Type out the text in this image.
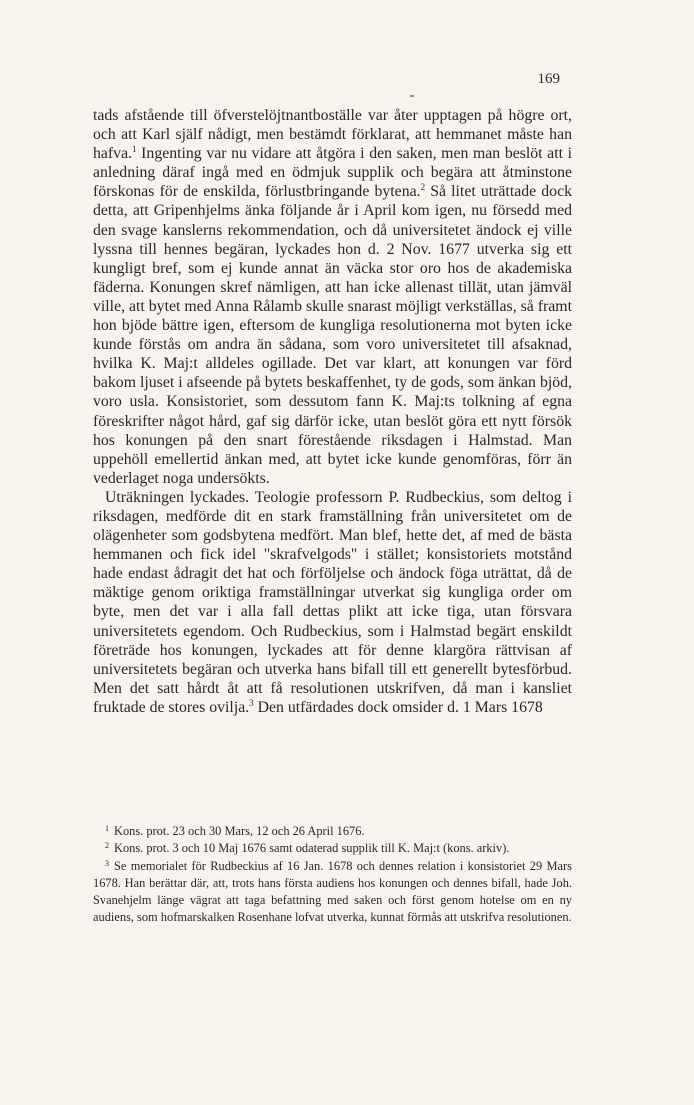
169

tads afstående till öfverstelöjtnantboställe var åter upptagen på högre ort, och att Karl själf nådigt, men bestämdt förklarat, att hemmanet måste han hafva.$^1$ Ingenting var nu vidare att åtgöra i den saken, men man beslöt att i anledning däraf ingå med en ödmjuk supplik och begära att åtminstone förskonas för de enskilda, förlustbringande bytena.$^2$ Så litet uträttade dock detta, att Gripenhjelms änka följande år i April kom igen, nu försedd med den svage kanslerns rekommendation, och då universitetet ändock ej ville lyssna till hennes begäran, lyckades hon d. 2 Nov. 1677 utverka sig ett kungligt bref, som ej kunde annat än väcka stor oro hos de akademiska fäderna. Konungen skref nämligen, att han icke allenast tillät, utan jämväl ville, att bytet med Anna Rålamb skulle snarast möjligt verkställas, så framt hon bjöde bättre igen, eftersom de kungliga resolutionerna mot byten icke kunde förstås om andra än sådana, som voro universitetet till afsaknad, hvilka K. Maj:t alldeles ogillade. Det var klart, att konungen var förd bakom ljuset i afseende på bytets beskaffenhet, ty de gods, som änkan bjöd, voro usla. Konsistoriet, som dessutom fann K. Maj:ts tolkning af egna föreskrifter något hård, gaf sig därför icke, utan beslöt göra ett nytt försök hos konungen på den snart förestående riksdagen i Halmstad. Man uppehöll emellertid änkan med, att bytet icke kunde genomföras, förr än vederlaget noga undersökts.

Uträkningen lyckades. Teologie professorn P. Rudbeckius, som deltog i riksdagen, medförde dit en stark framställning från universitetet om de olägenheter som godsbytena medfört. Man blef, hette det, af med de bästa hemmanen och fick idel "skrafvelgods" i stället; konsistoriets motstånd hade endast ådragit det hat och förföljelse och ändock föga uträttat, då de mäktige genom oriktiga framställningar utverkat sig kungliga order om byte, men det var i alla fall dettas plikt att icke tiga, utan försvara universitetets egendom. Och Rudbeckius, som i Halmstad begärt enskildt företräde hos konungen, lyckades att för denne klargöra rättvisan af universitetets begäran och utverka hans bifall till ett generellt bytesförbud. Men det satt hårdt åt att få resolutionen utskrifven, då man i kansliet fruktade de stores ovilja.$^3$ Den utfärdades dock omsider d. 1 Mars 1678

$^1$ Kons. prot. 23 och 30 Mars, 12 och 26 April 1676.

$^2$ Kons. prot. 3 och 10 Maj 1676 samt odaterad supplik till K. Maj:t (kons. arkiv).

$^3$ Se memorialet för Rudbeckius af 16 Jan. 1678 och dennes relation i konsistoriet 29 Mars 1678. Han berättar där, att, trots hans första audiens hos konungen och dennes bifall, hade Joh. Svanehjelm länge vägrat att taga befattning med saken och först genom hotelse om en ny audiens, som hofmarskalken Rosenhane lofvat utverka, kunnat förmås att utskrifva resolutionen.
